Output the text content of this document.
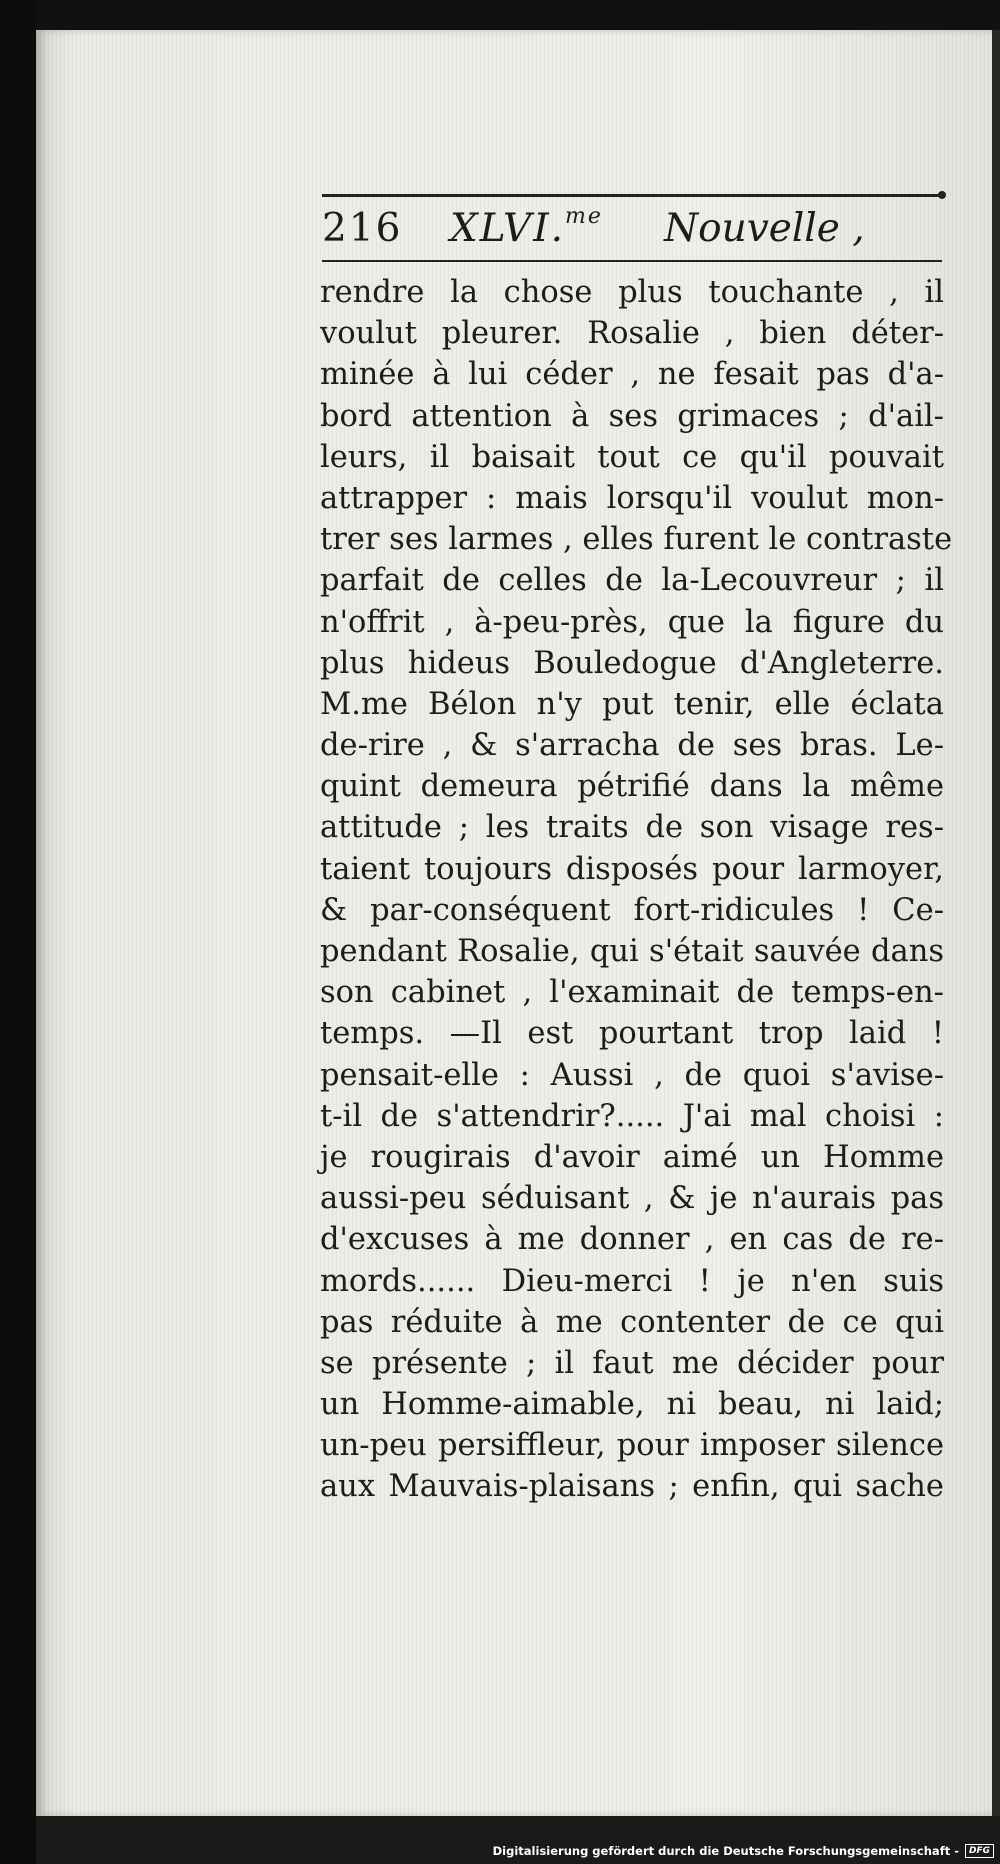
216 XLVI.$^{me}$ Nouvelle ,
rendre la chose plus touchante , il
voulut pleurer. Rosalie , bien déter-
minée à lui céder , ne fesait pas d'a-
bord attention à ses grimaces ; d'ail-
leurs, il baisait tout ce qu'il pouvait
attrapper : mais lorsqu'il voulut mon-
trer ses larmes , elles furent le contraste
parfait de celles de la-Lecouvreur ; il
n'offrit , à-peu-près, que la figure du
plus hideus Bouledogue d'Angleterre.
M.me Bélon n'y put tenir, elle éclata
de-rire , & s'arracha de ses bras. Le-
quint demeura pétrifié dans la même
attitude ; les traits de son visage res-
taient toujours disposés pour larmoyer,
& par-conséquent fort-ridicules ! Ce-
pendant Rosalie, qui s'était sauvée dans
son cabinet , l'examinait de temps-en-
temps. —Il est pourtant trop laid !
pensait-elle : Aussi , de quoi s'avise-
t-il de s'attendrir?..... J'ai mal choisi :
je rougirais d'avoir aimé un Homme
aussi-peu séduisant , & je n'aurais pas
d'excuses à me donner , en cas de re-
mords...... Dieu-merci ! je n'en suis
pas réduite à me contenter de ce qui
se présente ; il faut me décider pour
un Homme-aimable, ni beau, ni laid;
un-peu persiffleur, pour imposer silence
aux Mauvais-plaisans ; enfin, qui sache
Digitalisierung gefördert durch die Deutsche Forschungsgemeinschaft -	DFG
